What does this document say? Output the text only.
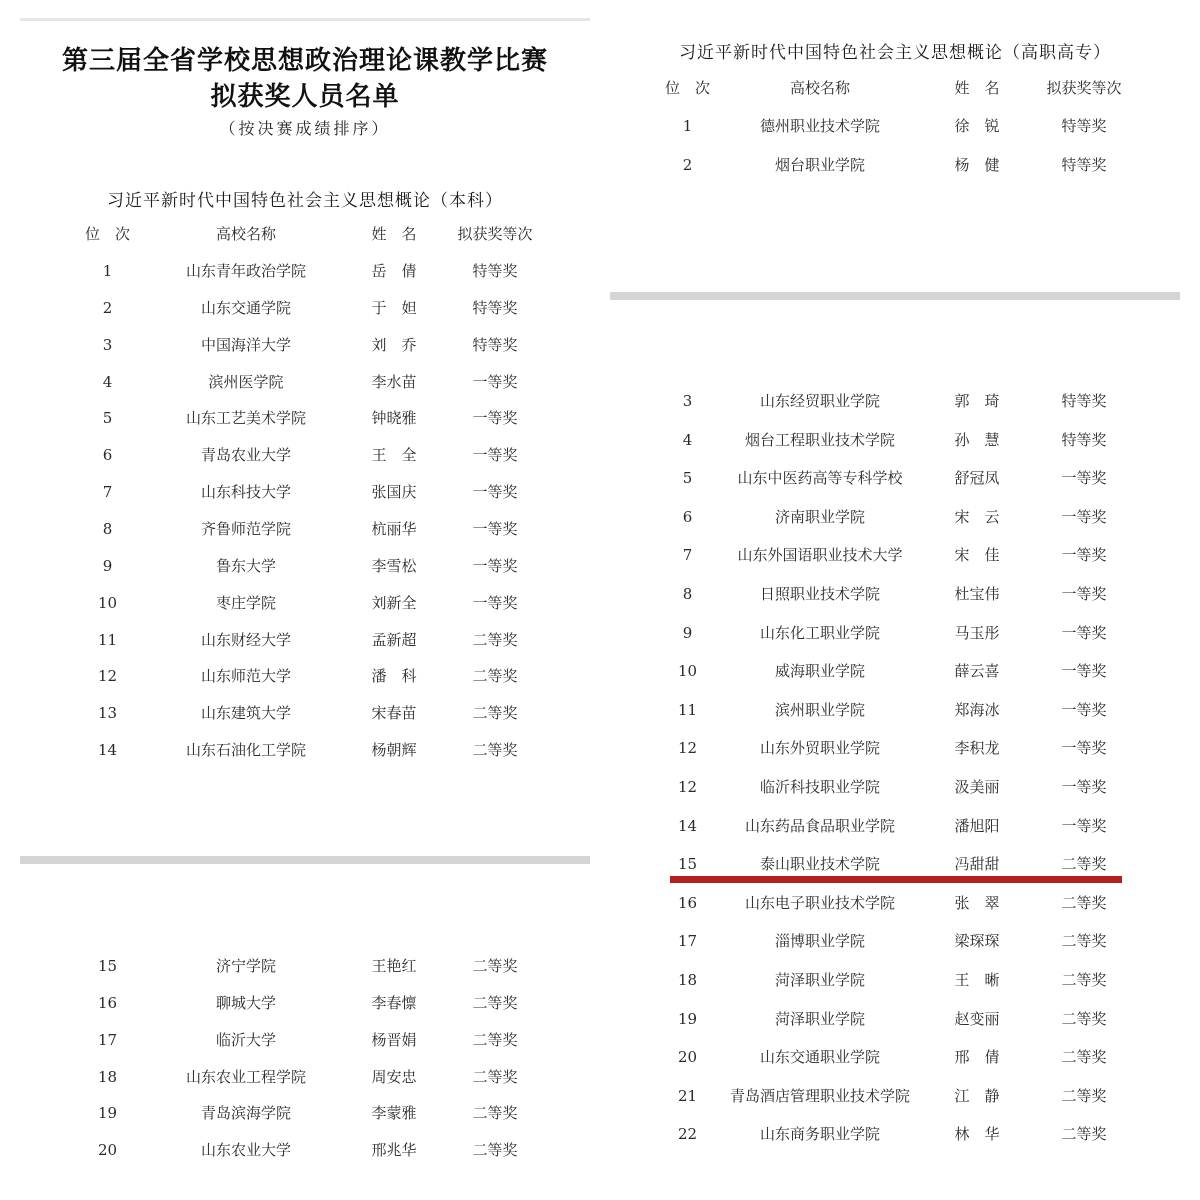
第三届全省学校思想政治理论课教学比赛
拟获奖人员名单
（按决赛成绩排序）
习近平新时代中国特色社会主义思想概论（本科）
位　次	高校名称	姓　名	拟获奖等次
1	山东青年政治学院	岳　倩	特等奖
2	山东交通学院	于　妲	特等奖
3	中国海洋大学	刘　乔	特等奖
4	滨州医学院	李水苗	一等奖
5	山东工艺美术学院	钟晓雅	一等奖
6	青岛农业大学	王　全	一等奖
7	山东科技大学	张国庆	一等奖
8	齐鲁师范学院	杭丽华	一等奖
9	鲁东大学	李雪松	一等奖
10	枣庄学院	刘新全	一等奖
11	山东财经大学	孟新超	二等奖
12	山东师范大学	潘　科	二等奖
13	山东建筑大学	宋春苗	二等奖
14	山东石油化工学院	杨朝辉	二等奖
15	济宁学院	王艳红	二等奖
16	聊城大学	李春懔	二等奖
17	临沂大学	杨晋娟	二等奖
18	山东农业工程学院	周安忠	二等奖
19	青岛滨海学院	李蒙雅	二等奖
20	山东农业大学	邢兆华	二等奖
习近平新时代中国特色社会主义思想概论（高职高专）
位　次	高校名称	姓　名	拟获奖等次
1	德州职业技术学院	徐　锐	特等奖
2	烟台职业学院	杨　健	特等奖
3	山东经贸职业学院	郭　琦	特等奖
4	烟台工程职业技术学院	孙　慧	特等奖
5	山东中医药高等专科学校	舒冠凤	一等奖
6	济南职业学院	宋　云	一等奖
7	山东外国语职业技术大学	宋　佳	一等奖
8	日照职业技术学院	杜宝伟	一等奖
9	山东化工职业学院	马玉彤	一等奖
10	威海职业学院	薛云喜	一等奖
11	滨州职业学院	郑海冰	一等奖
12	山东外贸职业学院	李积龙	一等奖
12	临沂科技职业学院	汲美丽	一等奖
14	山东药品食品职业学院	潘旭阳	一等奖
15	泰山职业技术学院	冯甜甜	二等奖
16	山东电子职业技术学院	张　翠	二等奖
17	淄博职业学院	梁琛琛	二等奖
18	菏泽职业学院	王　晰	二等奖
19	菏泽职业学院	赵变丽	二等奖
20	山东交通职业学院	邢　倩	二等奖
21	青岛酒店管理职业技术学院	江　静	二等奖
22	山东商务职业学院	林　华	二等奖
